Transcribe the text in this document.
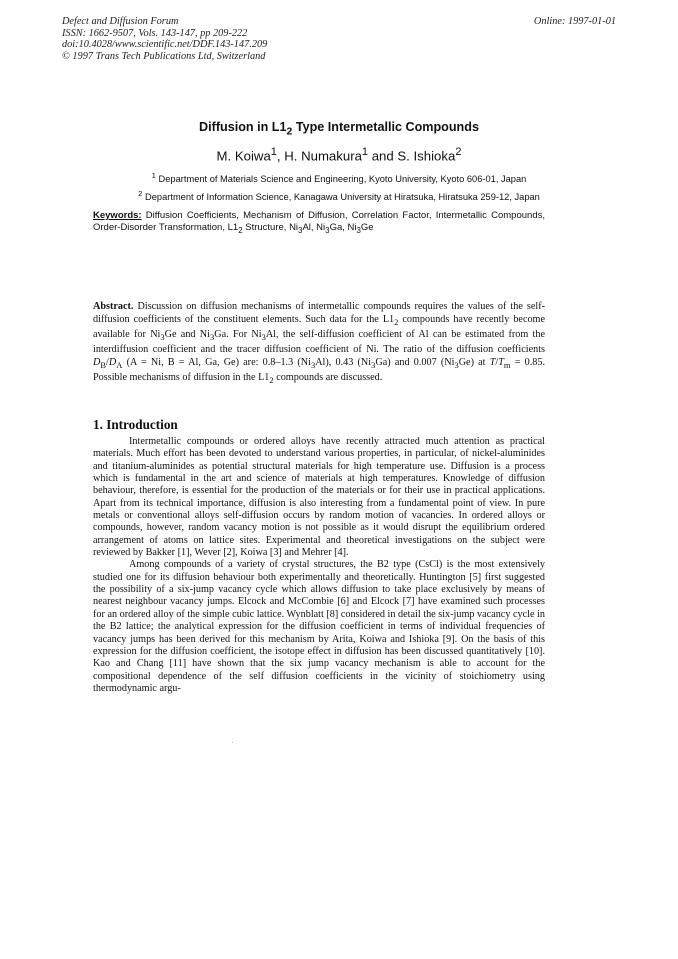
Defect and Diffusion Forum
ISSN: 1662-9507, Vols. 143-147, pp 209-222
doi:10.4028/www.scientific.net/DDF.143-147.209
© 1997 Trans Tech Publications Ltd, Switzerland
Online: 1997-01-01
Diffusion in $L1_2$ Type Intermetallic Compounds
M. Koiwa$^1$, H. Numakura$^1$ and S. Ishioka$^2$
$^1$ Department of Materials Science and Engineering, Kyoto University, Kyoto 606-01, Japan
$^2$ Department of Information Science, Kanagawa University at Hiratsuka, Hiratsuka 259-12, Japan
Keywords: Diffusion Coefficients, Mechanism of Diffusion, Correlation Factor, Intermetallic Compounds, Order-Disorder Transformation, $L1_2$ Structure, $Ni_3Al$, $Ni_3Ga$, $Ni_3Ge$
Abstract. Discussion on diffusion mechanisms of intermetallic compounds requires the values of the self-diffusion coefficients of the constituent elements. Such data for the $L1_2$ compounds have recently become available for $Ni_3Ge$ and $Ni_3Ga$. For $Ni_3Al$, the self-diffusion coefficient of Al can be estimated from the interdiffusion coefficient and the tracer diffusion coefficient of Ni. The ratio of the diffusion coefficients $D_B/D_A$ (A = Ni, B = Al, Ga, Ge) are: 0.8–1.3 $(Ni_3Al)$, 0.43 $(Ni_3Ga)$ and 0.007 $(Ni_3Ge)$ at $T/T_m = 0.85$. Possible mechanisms of diffusion in the $L1_2$ compounds are discussed.
1. Introduction

Intermetallic compounds or ordered alloys have recently attracted much attention as practical materials. Much effort has been devoted to understand various properties, in particular, of nickel-aluminides and titanium-aluminides as potential structural materials for high temperature use. Diffusion is a process which is fundamental in the art and science of materials at high temperatures. Knowledge of diffusion behaviour, therefore, is essential for the production of the materials or for their use in practical applications. Apart from its technical importance, diffusion is also interesting from a fundamental point of view. In pure metals or conventional alloys self-diffusion occurs by random motion of vacancies. In ordered alloys or compounds, however, random vacancy motion is not possible as it would disrupt the equilibrium ordered arrangement of atoms on lattice sites. Experimental and theoretical investigations on the subject were reviewed by Bakker [1], Wever [2], Koiwa [3] and Mehrer [4].

Among compounds of a variety of crystal structures, the B2 type (CsCl) is the most extensively studied one for its diffusion behaviour both experimentally and theoretically. Huntington [5] first suggested the possibility of a six-jump vacancy cycle which allows diffusion to take place exclusively by means of nearest neighbour vacancy jumps. Elcock and McCombie [6] and Elcock [7] have examined such processes for an ordered alloy of the simple cubic lattice. Wynblatt [8] considered in detail the six-jump vacancy cycle in the B2 lattice; the analytical expression for the diffusion coefficient in terms of individual frequencies of vacancy jumps has been derived for this mechanism by Arita, Koiwa and Ishioka [9]. On the basis of this expression for the diffusion coefficient, the isotope effect in diffusion has been discussed quantitatively [10]. Kao and Chang [11] have shown that the six jump vacancy mechanism is able to account for the compositional dependence of the self diffusion coefficients in the vicinity of stoichiometry using thermodynamic argu-
